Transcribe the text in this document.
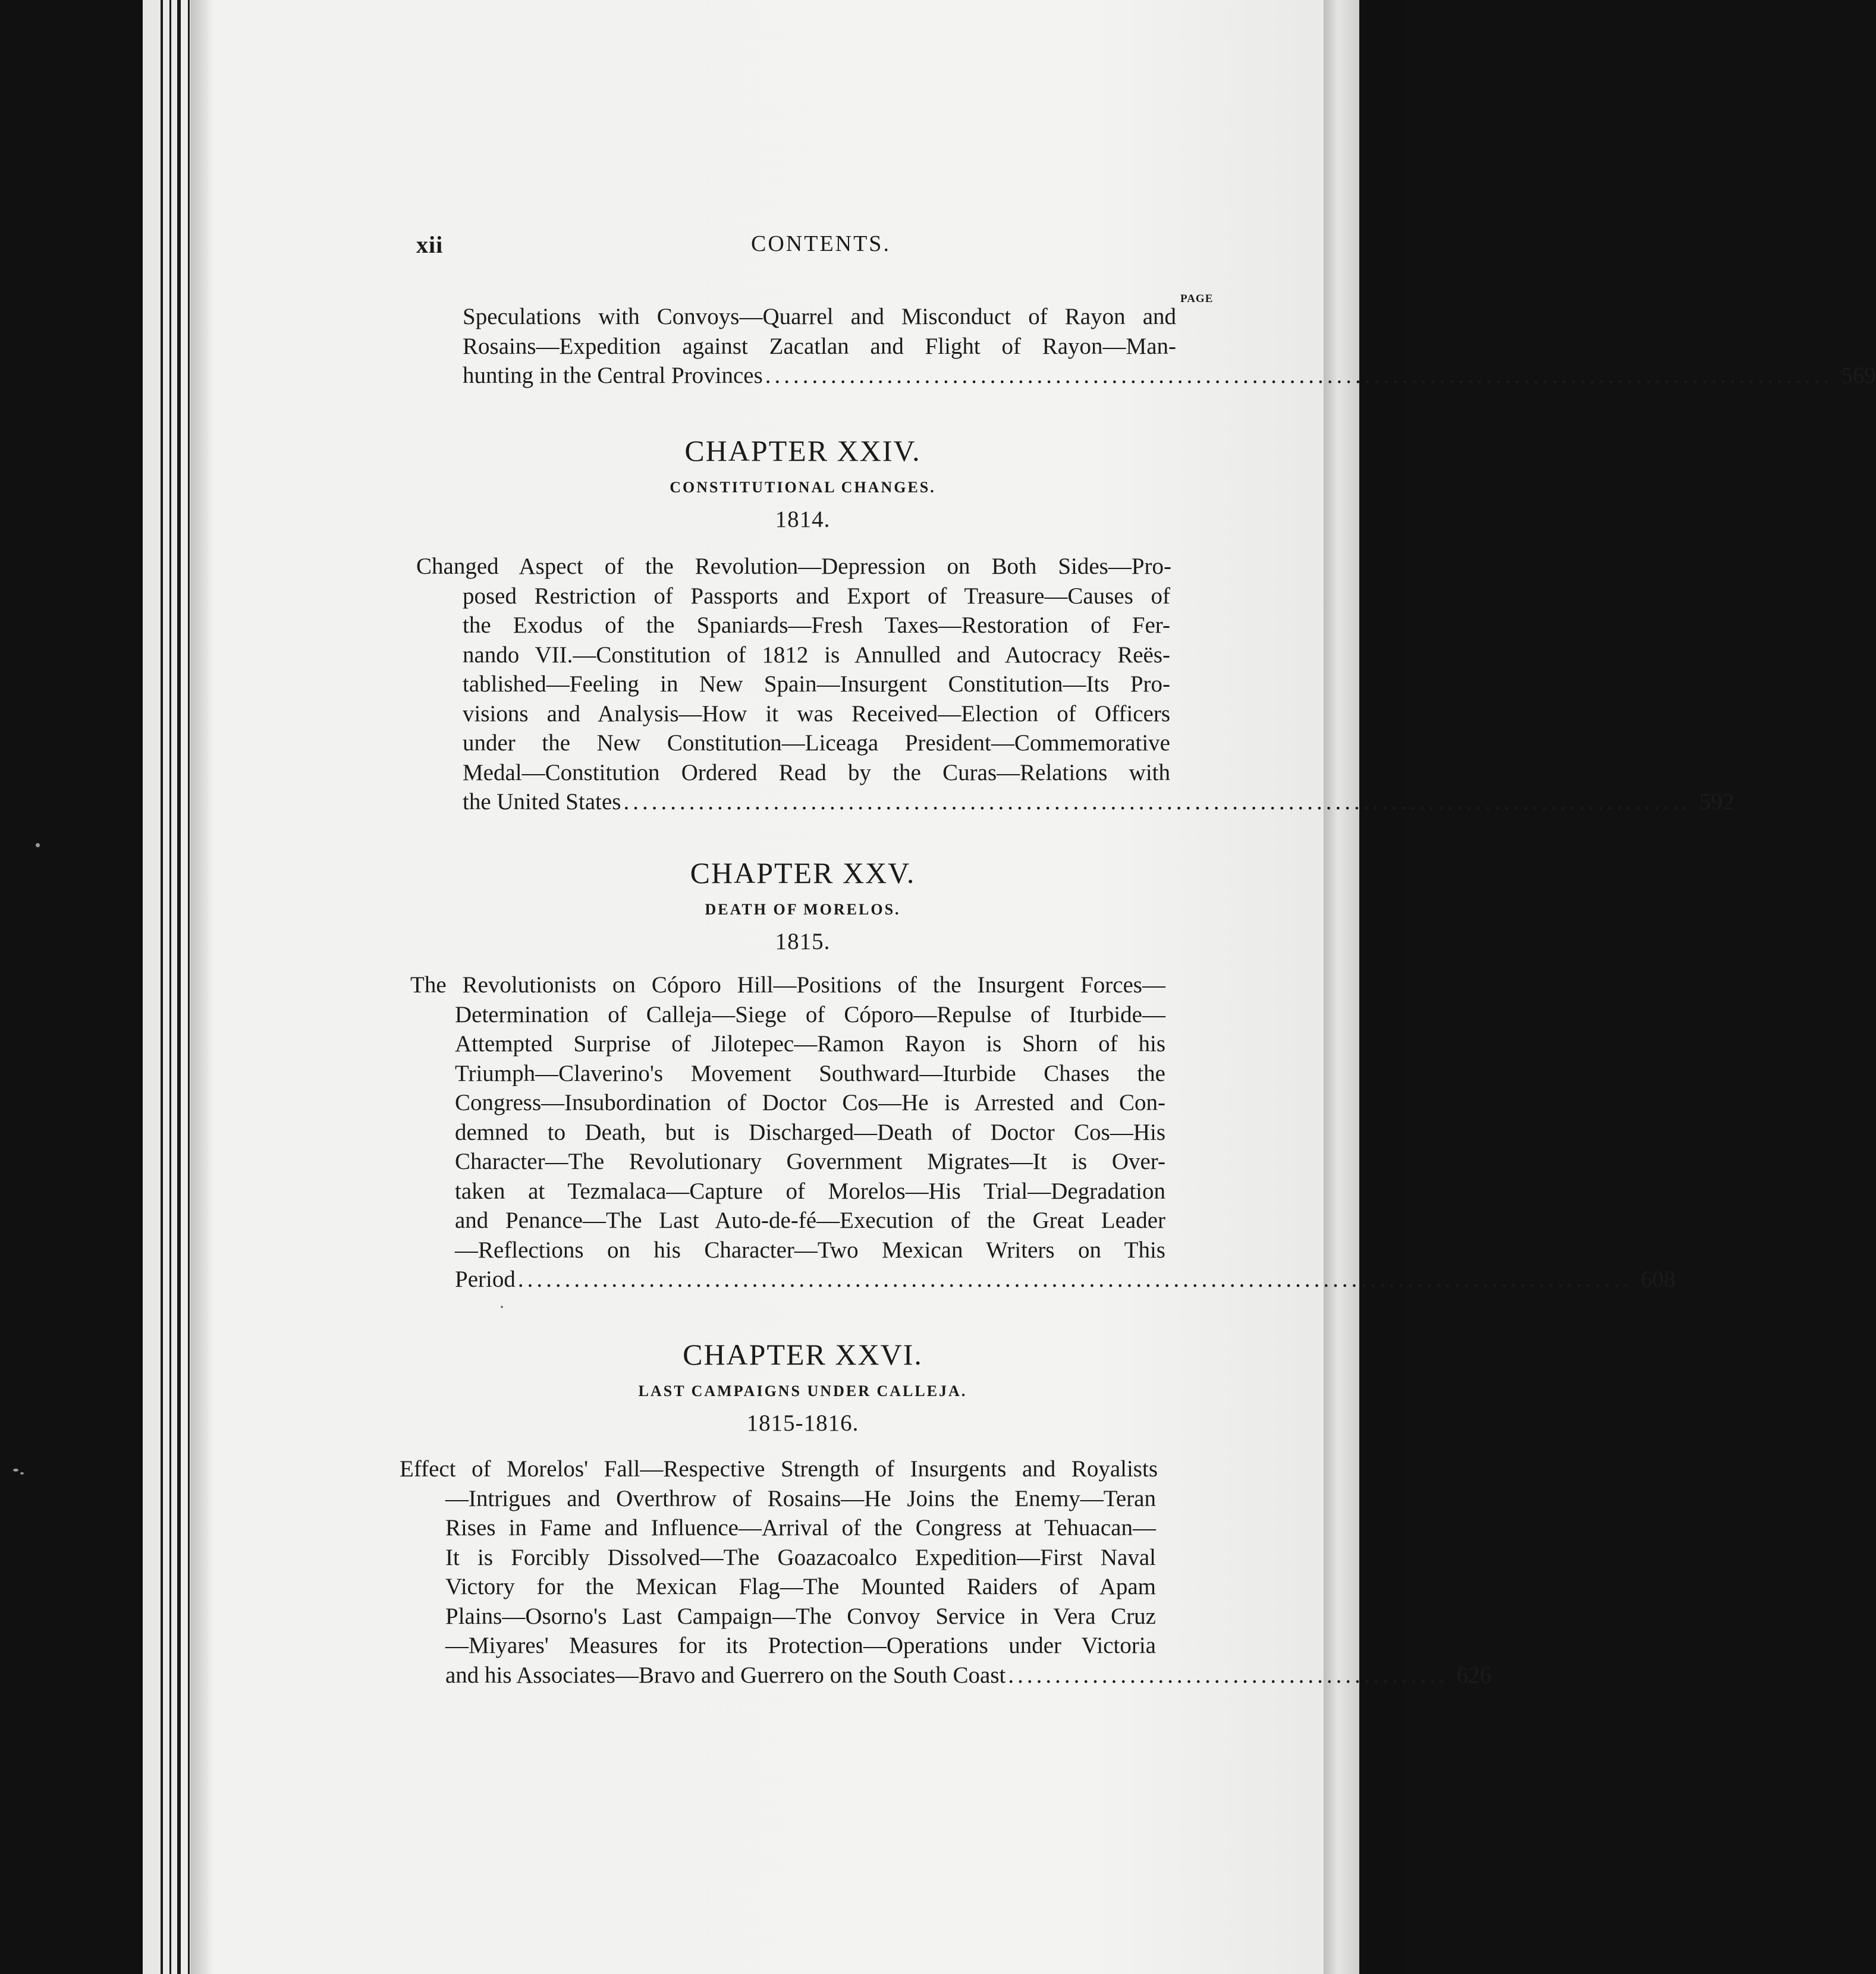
xii	CONTENTS.
PAGE
Speculations with Convoys—Quarrel and Misconduct of Rayon and
Rosains—Expedition against Zacatlan and Flight of Rayon—Man-
hunting in the Central Provinces .................................................................................................................. 569
CHAPTER XXIV.
CONSTITUTIONAL CHANGES.
1814.
Changed Aspect of the Revolution—Depression on Both Sides—Pro-
posed Restriction of Passports and Export of Treasure—Causes of
the Exodus of the Spaniards—Fresh Taxes—Restoration of Fer-
nando VII.—Constitution of 1812 is Annulled and Autocracy Reës-
tablished—Feeling in New Spain—Insurgent Constitution—Its Pro-
visions and Analysis—How it was Received—Election of Officers
under the New Constitution—Liceaga President—Commemorative
Medal—Constitution Ordered Read by the Curas—Relations with
the United States .................................................................................................................. 592
CHAPTER XXV.
DEATH OF MORELOS.
1815.
The Revolutionists on Cóporo Hill—Positions of the Insurgent Forces—
Determination of Calleja—Siege of Cóporo—Repulse of Iturbide—
Attempted Surprise of Jilotepec—Ramon Rayon is Shorn of his
Triumph—Claverino's Movement Southward—Iturbide Chases the
Congress—Insubordination of Doctor Cos—He is Arrested and Con-
demned to Death, but is Discharged—Death of Doctor Cos—His
Character—The Revolutionary Government Migrates—It is Over-
taken at Tezmalaca—Capture of Morelos—His Trial—Degradation
and Penance—The Last Auto-de-fé—Execution of the Great Leader
—Reflections on his Character—Two Mexican Writers on This
Period ....................................................................................................................... 608
CHAPTER XXVI.
LAST CAMPAIGNS UNDER CALLEJA.
1815-1816.
Effect of Morelos' Fall—Respective Strength of Insurgents and Royalists
—Intrigues and Overthrow of Rosains—He Joins the Enemy—Teran
Rises in Fame and Influence—Arrival of the Congress at Tehuacan—
It is Forcibly Dissolved—The Goazacoalco Expedition—First Naval
Victory for the Mexican Flag—The Mounted Raiders of Apam
Plains—Osorno's Last Campaign—The Convoy Service in Vera Cruz
—Miyares' Measures for its Protection—Operations under Victoria
and his Associates—Bravo and Guerrero on the South Coast ............................................... 626
